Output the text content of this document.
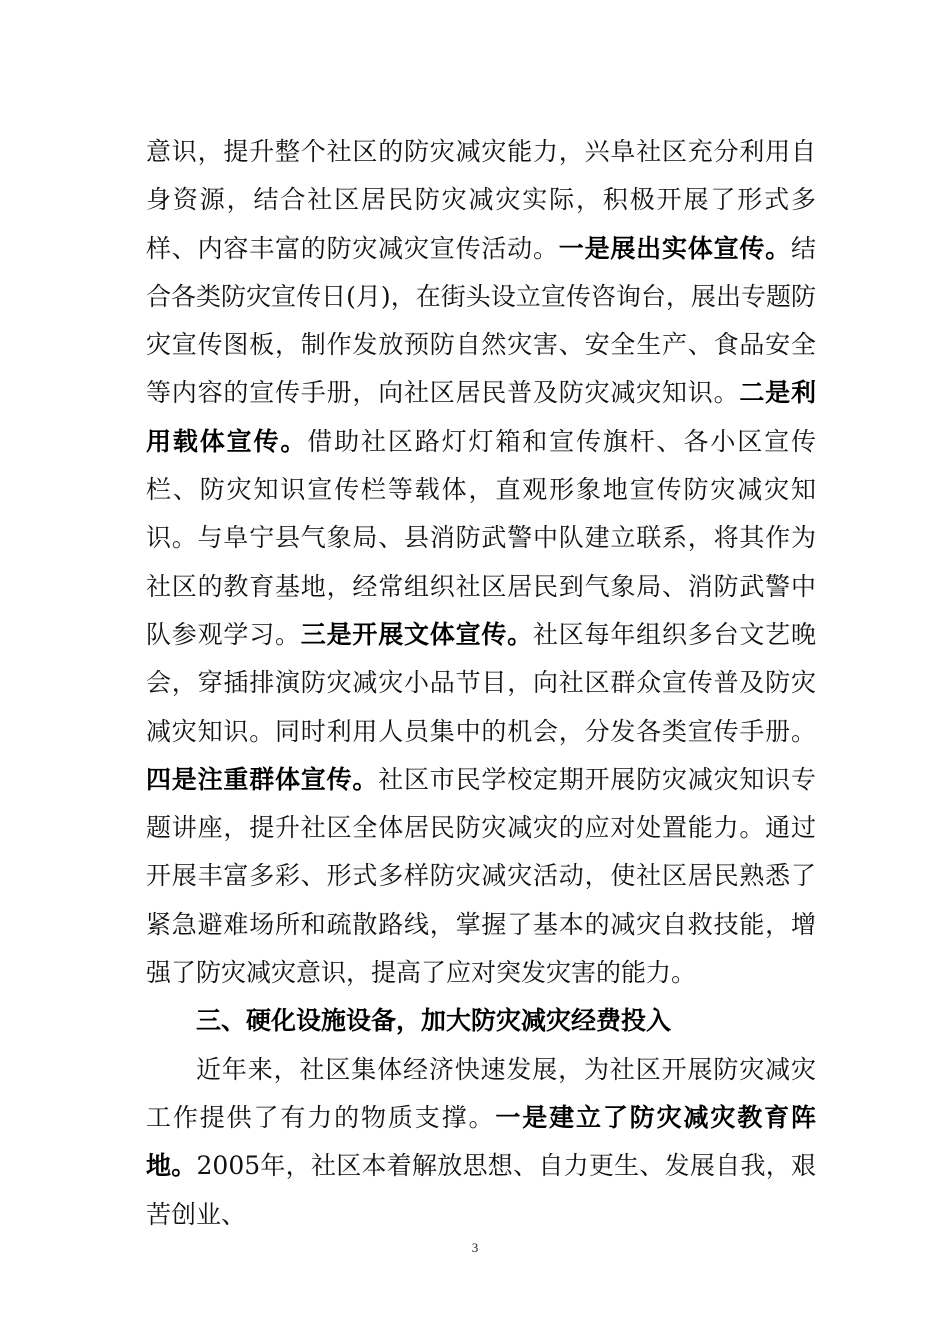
意识，提升整个社区的防灾减灾能力，兴阜社区充分利用自身资源，结合社区居民防灾减灾实际，积极开展了形式多样、内容丰富的防灾减灾宣传活动。一是展出实体宣传。结合各类防灾宣传日(月)，在街头设立宣传咨询台，展出专题防灾宣传图板，制作发放预防自然灾害、安全生产、食品安全等内容的宣传手册，向社区居民普及防灾减灾知识。二是利用载体宣传。借助社区路灯灯箱和宣传旗杆、各小区宣传栏、防灾知识宣传栏等载体，直观形象地宣传防灾减灾知识。与阜宁县气象局、县消防武警中队建立联系，将其作为社区的教育基地，经常组织社区居民到气象局、消防武警中队参观学习。三是开展文体宣传。社区每年组织多台文艺晚会，穿插排演防灾减灾小品节目，向社区群众宣传普及防灾减灾知识。同时利用人员集中的机会，分发各类宣传手册。四是注重群体宣传。社区市民学校定期开展防灾减灾知识专题讲座，提升社区全体居民防灾减灾的应对处置能力。通过开展丰富多彩、形式多样防灾减灾活动，使社区居民熟悉了紧急避难场所和疏散路线，掌握了基本的减灾自救技能，增强了防灾减灾意识，提高了应对突发灾害的能力。

三、硬化设施设备，加大防灾减灾经费投入

近年来，社区集体经济快速发展，为社区开展防灾减灾工作提供了有力的物质支撑。一是建立了防灾减灾教育阵地。2005年，社区本着解放思想、自力更生、发展自我，艰苦创业、

3
